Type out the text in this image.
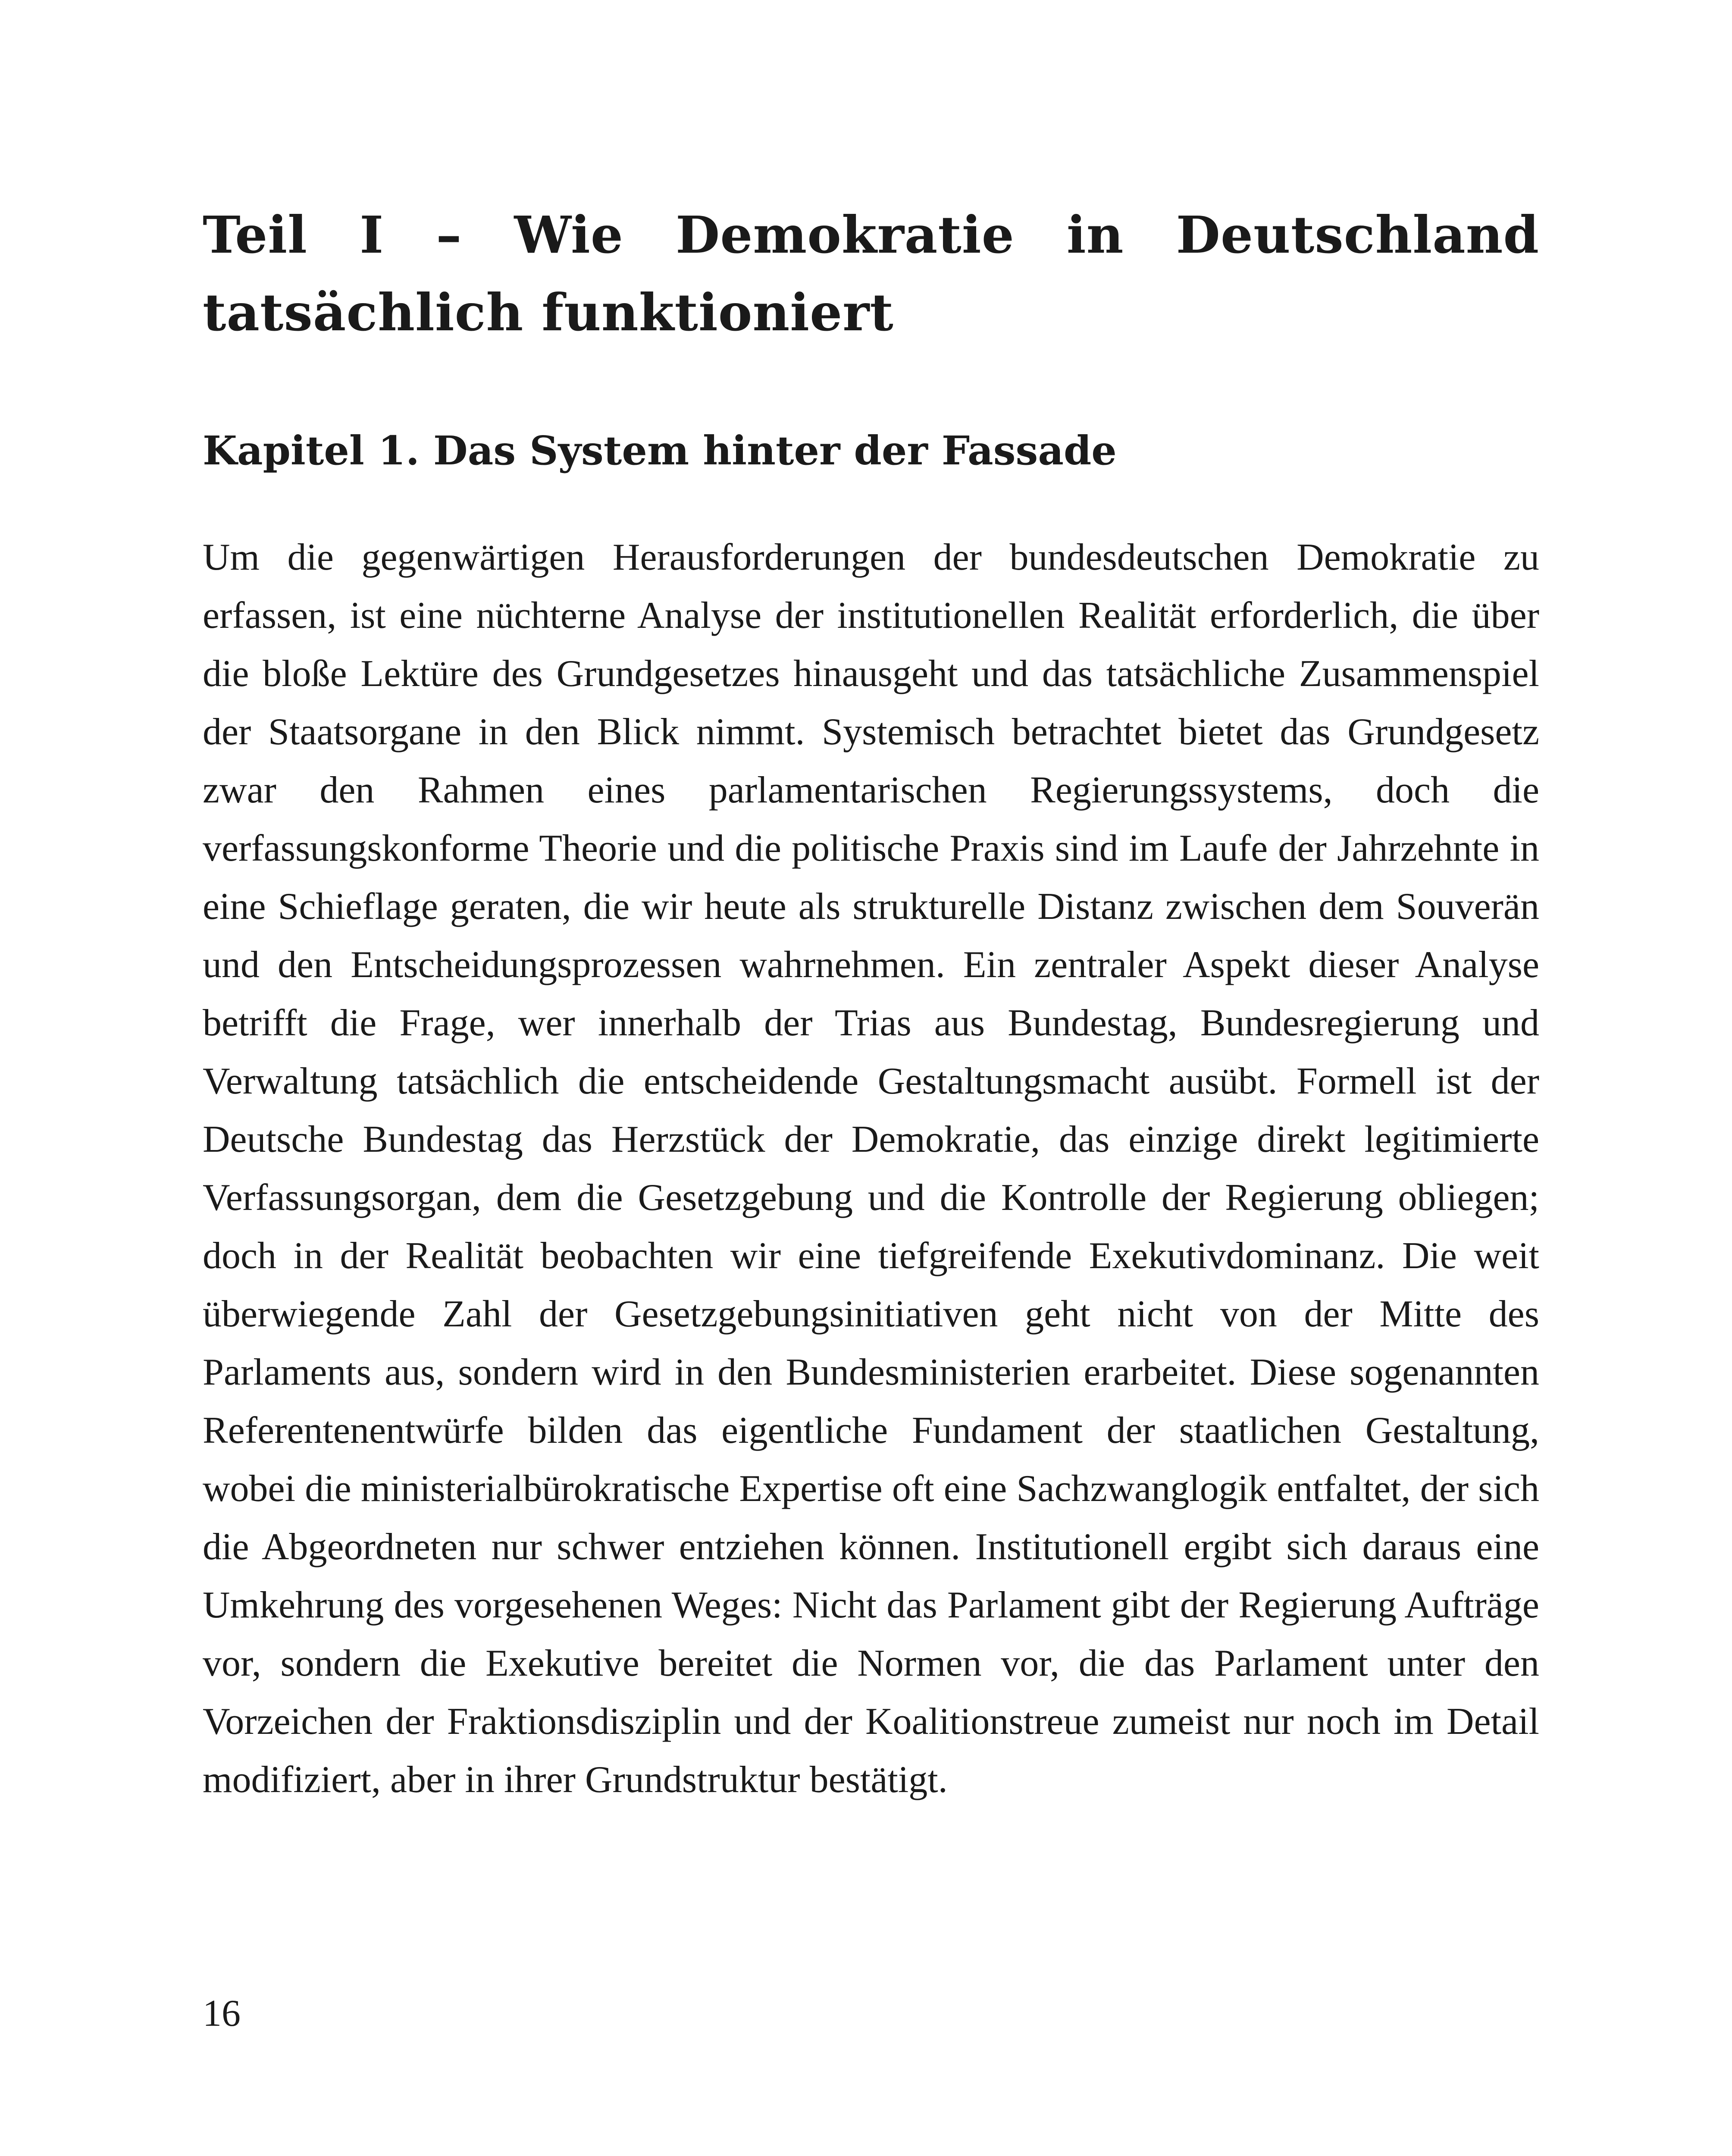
Teil I – Wie Demokratie in Deutschland tatsächlich funktioniert
Kapitel 1. Das System hinter der Fassade

Um die gegenwärtigen Herausforderungen der bundesdeutschen Demokratie zu erfassen, ist eine nüchterne Analyse der institutionellen Realität erforderlich, die über die bloße Lektüre des Grundgesetzes hinausgeht und das tatsächliche Zusammenspiel der Staatsorgane in den Blick nimmt. Systemisch betrachtet bietet das Grundgesetz zwar den Rahmen eines parlamentarischen Regierungssystems, doch die verfassungskonforme Theorie und die politische Praxis sind im Laufe der Jahrzehnte in eine Schieflage geraten, die wir heute als strukturelle Distanz zwischen dem Souverän und den Entscheidungsprozessen wahrnehmen. Ein zentraler Aspekt dieser Analyse betrifft die Frage, wer innerhalb der Trias aus Bundestag, Bundesregierung und Verwaltung tatsächlich die entscheidende Gestaltungsmacht ausübt. Formell ist der Deutsche Bundestag das Herzstück der Demokratie, das einzige direkt legitimierte Verfassungsorgan, dem die Gesetzgebung und die Kontrolle der Regierung obliegen; doch in der Realität beobachten wir eine tiefgreifende Exekutivdominanz. Die weit überwiegende Zahl der Gesetzgebungsinitiativen geht nicht von der Mitte des Parlaments aus, sondern wird in den Bundesministerien erarbeitet. Diese sogenannten Referentenentwürfe bilden das eigentliche Fundament der staatlichen Gestaltung, wobei die ministerialbürokratische Expertise oft eine Sachzwanglogik entfaltet, der sich die Abgeordneten nur schwer entziehen können. Institutionell ergibt sich daraus eine Umkehrung des vorgesehenen Weges: Nicht das Parlament gibt der Regierung Aufträge vor, sondern die Exekutive bereitet die Normen vor, die das Parlament unter den Vorzeichen der Fraktionsdisziplin und der Koalitionstreue zumeist nur noch im Detail modifiziert, aber in ihrer Grundstruktur bestätigt.

16
